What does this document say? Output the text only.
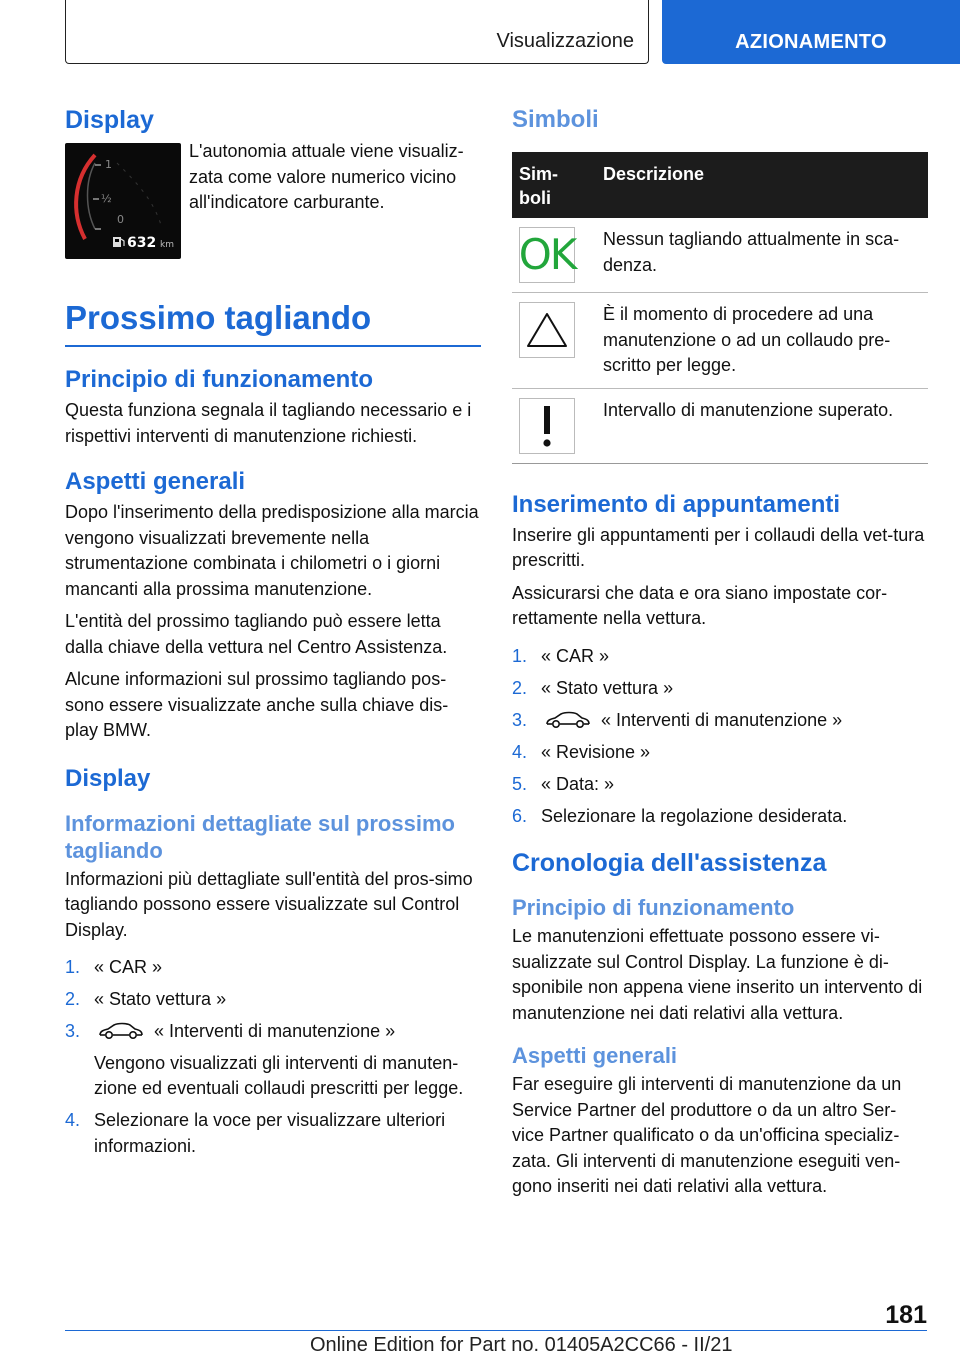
Visualizzazione	AZIONAMENTO
Display
1
½
0
632 km
L'autonomia attuale viene visualiz-zata come valore numerico vicino all'indicatore carburante.
Prossimo tagliando
Principio di funzionamento
Questa funziona segnala il tagliando necessario e i rispettivi interventi di manutenzione richiesti.
Aspetti generali
Dopo l'inserimento della predisposizione alla marcia vengono visualizzati brevemente nella strumentazione combinata i chilometri o i giorni mancanti alla prossima manutenzione.
L'entità del prossimo tagliando può essere letta dalla chiave della vettura nel Centro Assistenza.
Alcune informazioni sul prossimo tagliando pos-sono essere visualizzate anche sulla chiave dis-play BMW.
Display
Informazioni dettagliate sul prossimo tagliando
Informazioni più dettagliate sull'entità del pros-simo tagliando possono essere visualizzate sul Control Display.
1. « CAR »
2. « Stato vettura »
3.	« Interventi di manutenzione »
Vengono visualizzati gli interventi di manuten-zione ed eventuali collaudi prescritti per legge.
4. Selezionare la voce per visualizzare ulteriori informazioni.
Simboli
Sim-boli	Descrizione

OK	Nessun tagliando attualmente in sca-denza.

	È il momento di procedere ad una manutenzione o ad un collaudo pre-scritto per legge.

	Intervallo di manutenzione superato.
Inserimento di appuntamenti
Inserire gli appuntamenti per i collaudi della vet-tura prescritti.
Assicurarsi che data e ora siano impostate cor-rettamente nella vettura.
1. « CAR »
2. « Stato vettura »
3.	« Interventi di manutenzione »
4. « Revisione »
5. « Data: »
6. Selezionare la regolazione desiderata.
Cronologia dell'assistenza
Principio di funzionamento
Le manutenzioni effettuate possono essere vi-sualizzate sul Control Display. La funzione è di-sponibile non appena viene inserito un intervento di manutenzione nei dati relativi alla vettura.
Aspetti generali
Far eseguire gli interventi di manutenzione da un Service Partner del produttore o da un altro Ser-vice Partner qualificato o da un'officina specializ-zata. Gli interventi di manutenzione eseguiti ven-gono inseriti nei dati relativi alla vettura.
181
Online Edition for Part no. 01405A2CC66 - II/21
